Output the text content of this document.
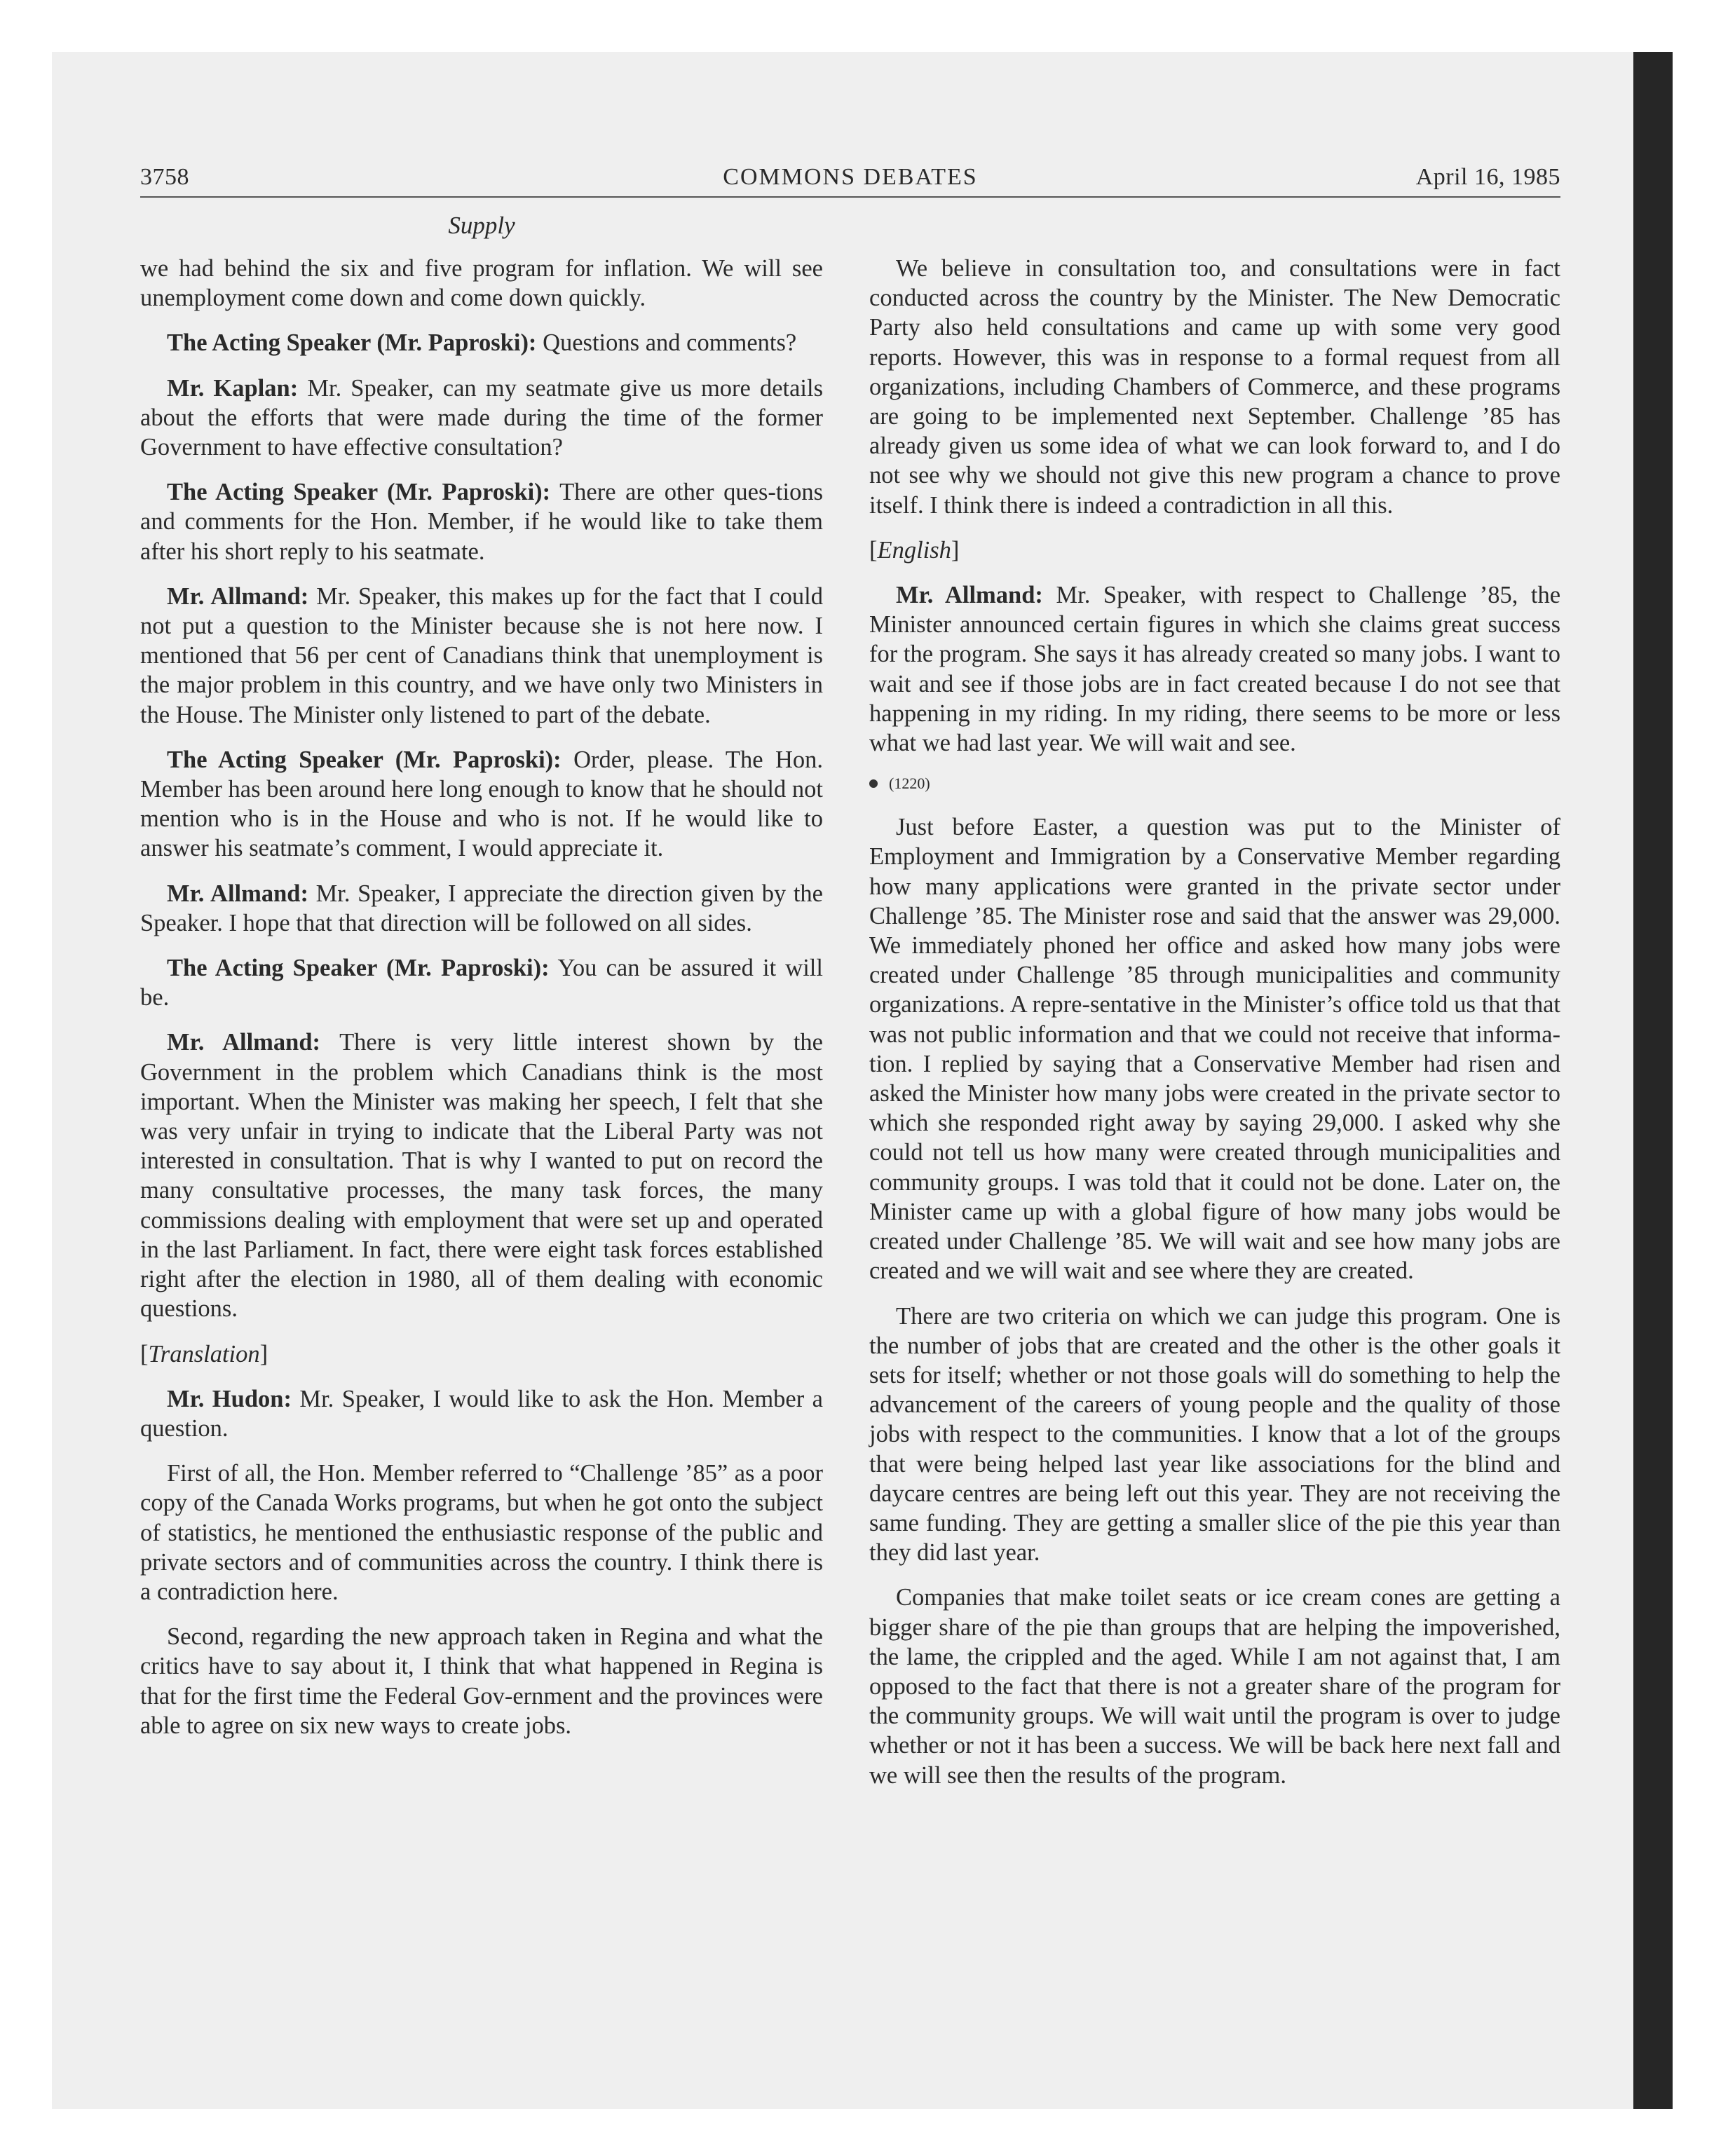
3758	COMMONS DEBATES	April 16, 1985
Supply

we had behind the six and five program for inflation. We will see unemployment come down and come down quickly.

The Acting Speaker (Mr. Paproski): Questions and comments?

Mr. Kaplan: Mr. Speaker, can my seatmate give us more details about the efforts that were made during the time of the former Government to have effective consultation?

The Acting Speaker (Mr. Paproski): There are other ques-tions and comments for the Hon. Member, if he would like to take them after his short reply to his seatmate.

Mr. Allmand: Mr. Speaker, this makes up for the fact that I could not put a question to the Minister because she is not here now. I mentioned that 56 per cent of Canadians think that unemployment is the major problem in this country, and we have only two Ministers in the House. The Minister only listened to part of the debate.

The Acting Speaker (Mr. Paproski): Order, please. The Hon. Member has been around here long enough to know that he should not mention who is in the House and who is not. If he would like to answer his seatmate’s comment, I would appreciate it.

Mr. Allmand: Mr. Speaker, I appreciate the direction given by the Speaker. I hope that that direction will be followed on all sides.

The Acting Speaker (Mr. Paproski): You can be assured it will be.

Mr. Allmand: There is very little interest shown by the Government in the problem which Canadians think is the most important. When the Minister was making her speech, I felt that she was very unfair in trying to indicate that the Liberal Party was not interested in consultation. That is why I wanted to put on record the many consultative processes, the many task forces, the many commissions dealing with employment that were set up and operated in the last Parliament. In fact, there were eight task forces established right after the election in 1980, all of them dealing with economic questions.

[Translation]

Mr. Hudon: Mr. Speaker, I would like to ask the Hon. Member a question.

First of all, the Hon. Member referred to “Challenge ’85” as a poor copy of the Canada Works programs, but when he got onto the subject of statistics, he mentioned the enthusiastic response of the public and private sectors and of communities across the country. I think there is a contradiction here.

Second, regarding the new approach taken in Regina and what the critics have to say about it, I think that what happened in Regina is that for the first time the Federal Gov-ernment and the provinces were able to agree on six new ways to create jobs.

We believe in consultation too, and consultations were in fact conducted across the country by the Minister. The New Democratic Party also held consultations and came up with some very good reports. However, this was in response to a formal request from all organizations, including Chambers of Commerce, and these programs are going to be implemented next September. Challenge ’85 has already given us some idea of what we can look forward to, and I do not see why we should not give this new program a chance to prove itself. I think there is indeed a contradiction in all this.

[English]

Mr. Allmand: Mr. Speaker, with respect to Challenge ’85, the Minister announced certain figures in which she claims great success for the program. She says it has already created so many jobs. I want to wait and see if those jobs are in fact created because I do not see that happening in my riding. In my riding, there seems to be more or less what we had last year. We will wait and see.

(1220)

Just before Easter, a question was put to the Minister of Employment and Immigration by a Conservative Member regarding how many applications were granted in the private sector under Challenge ’85. The Minister rose and said that the answer was 29,000. We immediately phoned her office and asked how many jobs were created under Challenge ’85 through municipalities and community organizations. A repre-sentative in the Minister’s office told us that that was not public information and that we could not receive that informa-tion. I replied by saying that a Conservative Member had risen and asked the Minister how many jobs were created in the private sector to which she responded right away by saying 29,000. I asked why she could not tell us how many were created through municipalities and community groups. I was told that it could not be done. Later on, the Minister came up with a global figure of how many jobs would be created under Challenge ’85. We will wait and see how many jobs are created and we will wait and see where they are created.

There are two criteria on which we can judge this program. One is the number of jobs that are created and the other is the other goals it sets for itself; whether or not those goals will do something to help the advancement of the careers of young people and the quality of those jobs with respect to the communities. I know that a lot of the groups that were being helped last year like associations for the blind and daycare centres are being left out this year. They are not receiving the same funding. They are getting a smaller slice of the pie this year than they did last year.

Companies that make toilet seats or ice cream cones are getting a bigger share of the pie than groups that are helping the impoverished, the lame, the crippled and the aged. While I am not against that, I am opposed to the fact that there is not a greater share of the program for the community groups. We will wait until the program is over to judge whether or not it has been a success. We will be back here next fall and we will see then the results of the program.
